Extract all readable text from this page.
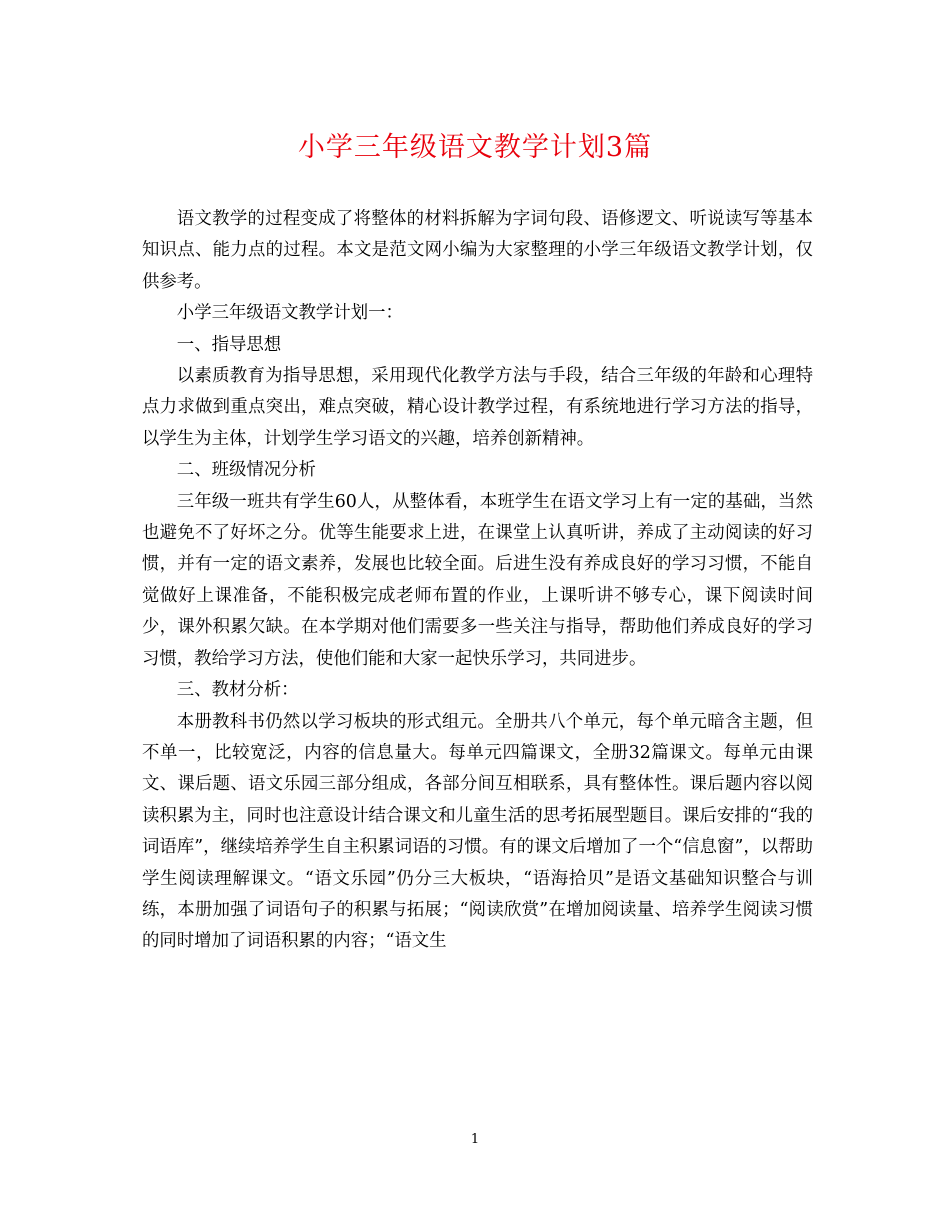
小学三年级语文教学计划3篇

语文教学的过程变成了将整体的材料拆解为字词句段、语修逻文、听说读写等基本知识点、能力点的过程。本文是范文网小编为大家整理的小学三年级语文教学计划，仅供参考。

小学三年级语文教学计划一：

一、指导思想

以素质教育为指导思想，采用现代化教学方法与手段，结合三年级的年龄和心理特点力求做到重点突出，难点突破，精心设计教学过程，有系统地进行学习方法的指导，以学生为主体，计划学生学习语文的兴趣，培养创新精神。

二、班级情况分析

三年级一班共有学生60人，从整体看，本班学生在语文学习上有一定的基础，当然也避免不了好坏之分。优等生能要求上进，在课堂上认真听讲，养成了主动阅读的好习惯，并有一定的语文素养，发展也比较全面。后进生没有养成良好的学习习惯，不能自觉做好上课准备，不能积极完成老师布置的作业，上课听讲不够专心，课下阅读时间少，课外积累欠缺。在本学期对他们需要多一些关注与指导，帮助他们养成良好的学习习惯，教给学习方法，使他们能和大家一起快乐学习，共同进步。

三、教材分析：

本册教科书仍然以学习板块的形式组元。全册共八个单元，每个单元暗含主题，但不单一，比较宽泛，内容的信息量大。每单元四篇课文，全册32篇课文。每单元由课文、课后题、语文乐园三部分组成，各部分间互相联系，具有整体性。课后题内容以阅读积累为主，同时也注意设计结合课文和儿童生活的思考拓展型题目。课后安排的“我的词语库”，继续培养学生自主积累词语的习惯。有的课文后增加了一个“信息窗”，以帮助学生阅读理解课文。“语文乐园”仍分三大板块，“语海拾贝”是语文基础知识整合与训练，本册加强了词语句子的积累与拓展；“阅读欣赏”在增加阅读量、培养学生阅读习惯的同时增加了词语积累的内容；“语文生

1
